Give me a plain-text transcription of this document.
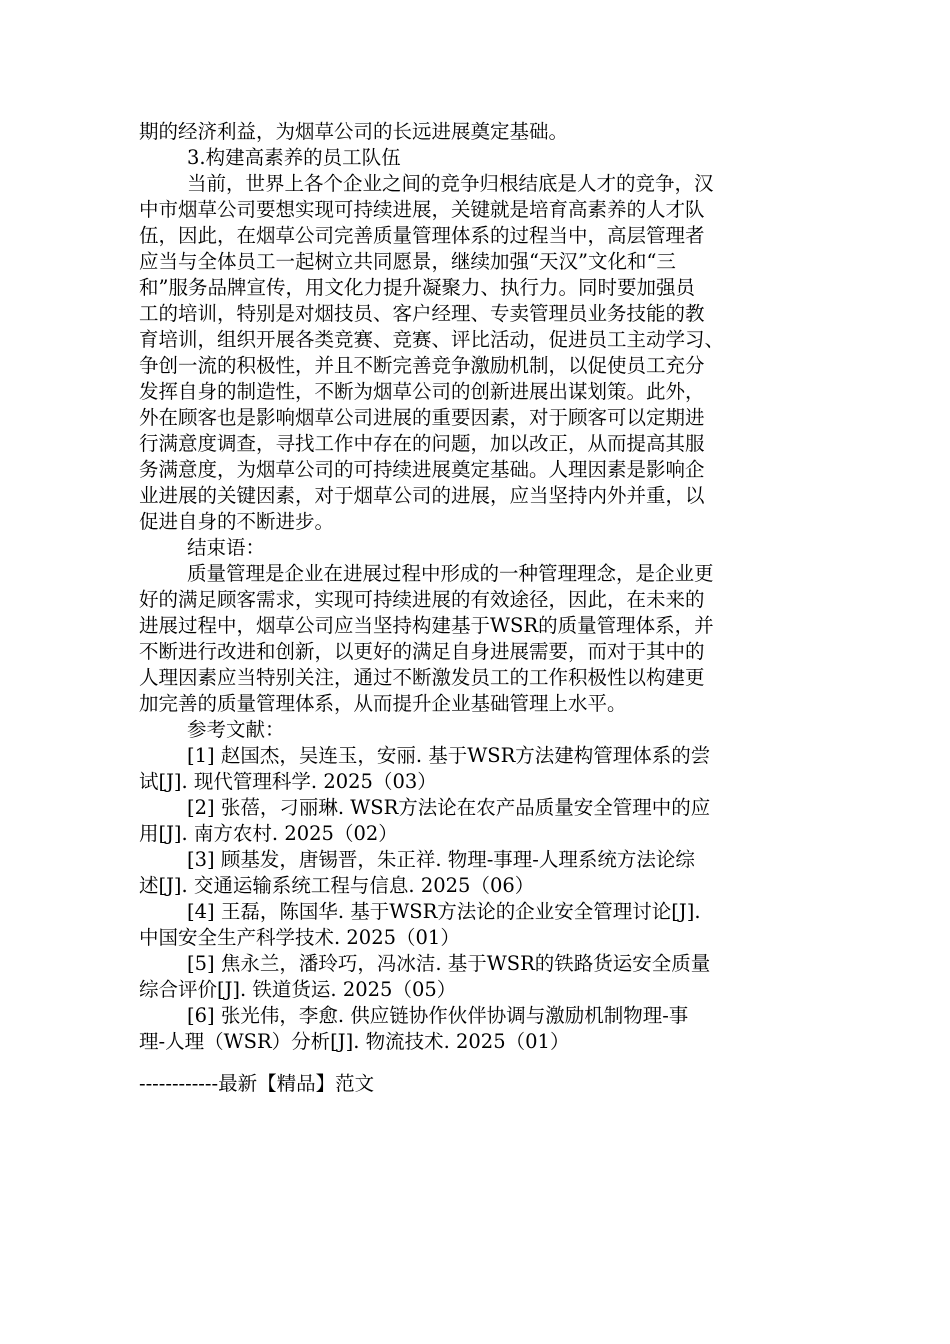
期的经济利益，为烟草公司的长远进展奠定基础。

3.构建高素养的员工队伍

当前，世界上各个企业之间的竞争归根结底是人才的竞争，汉

中市烟草公司要想实现可持续进展，关键就是培育高素养的人才队

伍，因此，在烟草公司完善质量管理体系的过程当中，高层管理者

应当与全体员工一起树立共同愿景，继续加强“天汉”文化和“三

和”服务品牌宣传，用文化力提升凝聚力、执行力。同时要加强员

工的培训，特别是对烟技员、客户经理、专卖管理员业务技能的教

育培训，组织开展各类竞赛、竞赛、评比活动，促进员工主动学习、

争创一流的积极性，并且不断完善竞争激励机制，以促使员工充分

发挥自身的制造性，不断为烟草公司的创新进展出谋划策。此外，

外在顾客也是影响烟草公司进展的重要因素，对于顾客可以定期进

行满意度调查，寻找工作中存在的问题，加以改正，从而提高其服

务满意度，为烟草公司的可持续进展奠定基础。人理因素是影响企

业进展的关键因素，对于烟草公司的进展，应当坚持内外并重，以

促进自身的不断进步。

结束语：

质量管理是企业在进展过程中形成的一种管理理念，是企业更

好的满足顾客需求，实现可持续进展的有效途径，因此，在未来的

进展过程中，烟草公司应当坚持构建基于WSR的质量管理体系，并

不断进行改进和创新，以更好的满足自身进展需要，而对于其中的

人理因素应当特别关注，通过不断激发员工的工作积极性以构建更

加完善的质量管理体系，从而提升企业基础管理上水平。

参考文献：

[1] 赵国杰，吴连玉，安丽. 基于WSR方法建构管理体系的尝

试[J]. 现代管理科学. 2025（03）

[2] 张蓓，刁丽琳. WSR方法论在农产品质量安全管理中的应

用[J]. 南方农村. 2025（02）

[3] 顾基发，唐锡晋，朱正祥. 物理-事理-人理系统方法论综

述[J]. 交通运输系统工程与信息. 2025（06）

[4] 王磊，陈国华. 基于WSR方法论的企业安全管理讨论[J].

中国安全生产科学技术. 2025（01）

[5] 焦永兰，潘玲巧，冯冰洁. 基于WSR的铁路货运安全质量

综合评价[J]. 铁道货运. 2025（05）

[6] 张光伟，李愈. 供应链协作伙伴协调与激励机制物理-事

理-人理（WSR）分析[J]. 物流技术. 2025（01）

------------最新【精品】范文
